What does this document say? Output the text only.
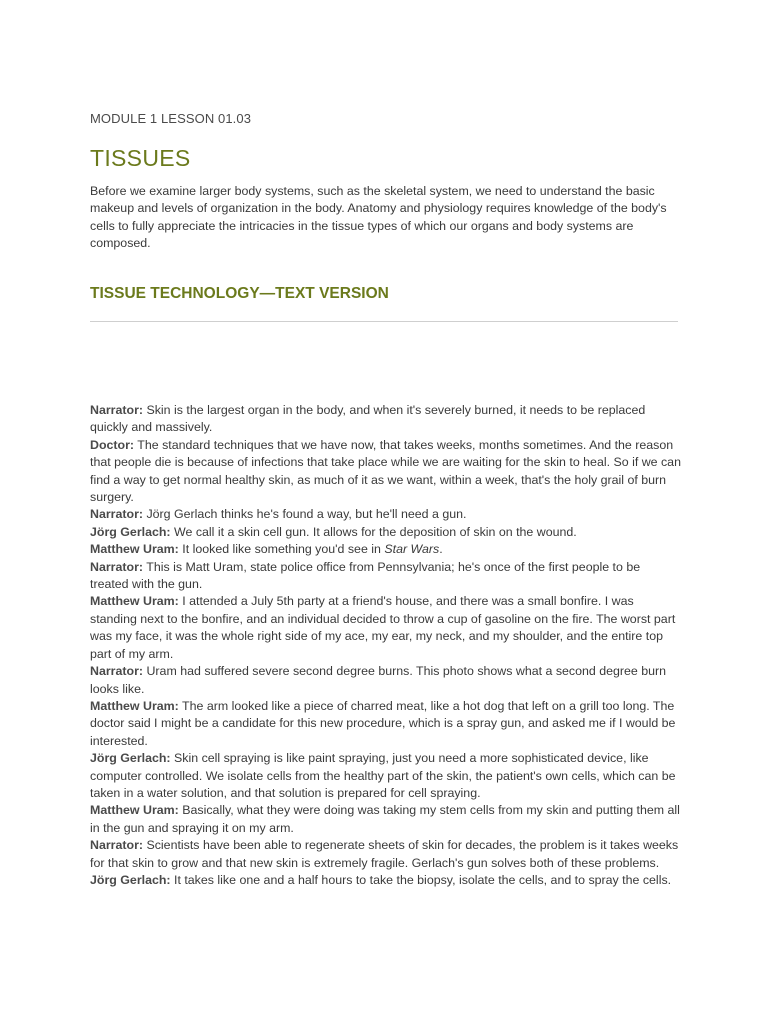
MODULE 1 LESSON 01.03
TISSUES

Before we examine larger body systems, such as the skeletal system, we need to understand the basic makeup and levels of organization in the body. Anatomy and physiology requires knowledge of the body's cells to fully appreciate the intricacies in the tissue types of which our organs and body systems are composed.

TISSUE TECHNOLOGY—TEXT VERSION

Narrator: Skin is the largest organ in the body, and when it's severely burned, it needs to be replaced quickly and massively.

Doctor: The standard techniques that we have now, that takes weeks, months sometimes. And the reason that people die is because of infections that take place while we are waiting for the skin to heal. So if we can find a way to get normal healthy skin, as much of it as we want, within a week, that's the holy grail of burn surgery.

Narrator: Jörg Gerlach thinks he's found a way, but he'll need a gun.

Jörg Gerlach: We call it a skin cell gun. It allows for the deposition of skin on the wound.

Matthew Uram: It looked like something you'd see in Star Wars.

Narrator: This is Matt Uram, state police office from Pennsylvania; he's once of the first people to be treated with the gun.

Matthew Uram: I attended a July 5th party at a friend's house, and there was a small bonfire. I was standing next to the bonfire, and an individual decided to throw a cup of gasoline on the fire. The worst part was my face, it was the whole right side of my ace, my ear, my neck, and my shoulder, and the entire top part of my arm.

Narrator: Uram had suffered severe second degree burns. This photo shows what a second degree burn looks like.

Matthew Uram: The arm looked like a piece of charred meat, like a hot dog that left on a grill too long. The doctor said I might be a candidate for this new procedure, which is a spray gun, and asked me if I would be interested.

Jörg Gerlach: Skin cell spraying is like paint spraying, just you need a more sophisticated device, like computer controlled. We isolate cells from the healthy part of the skin, the patient's own cells, which can be taken in a water solution, and that solution is prepared for cell spraying.

Matthew Uram: Basically, what they were doing was taking my stem cells from my skin and putting them all in the gun and spraying it on my arm.

Narrator: Scientists have been able to regenerate sheets of skin for decades, the problem is it takes weeks for that skin to grow and that new skin is extremely fragile. Gerlach's gun solves both of these problems.

Jörg Gerlach: It takes like one and a half hours to take the biopsy, isolate the cells, and to spray the cells.
